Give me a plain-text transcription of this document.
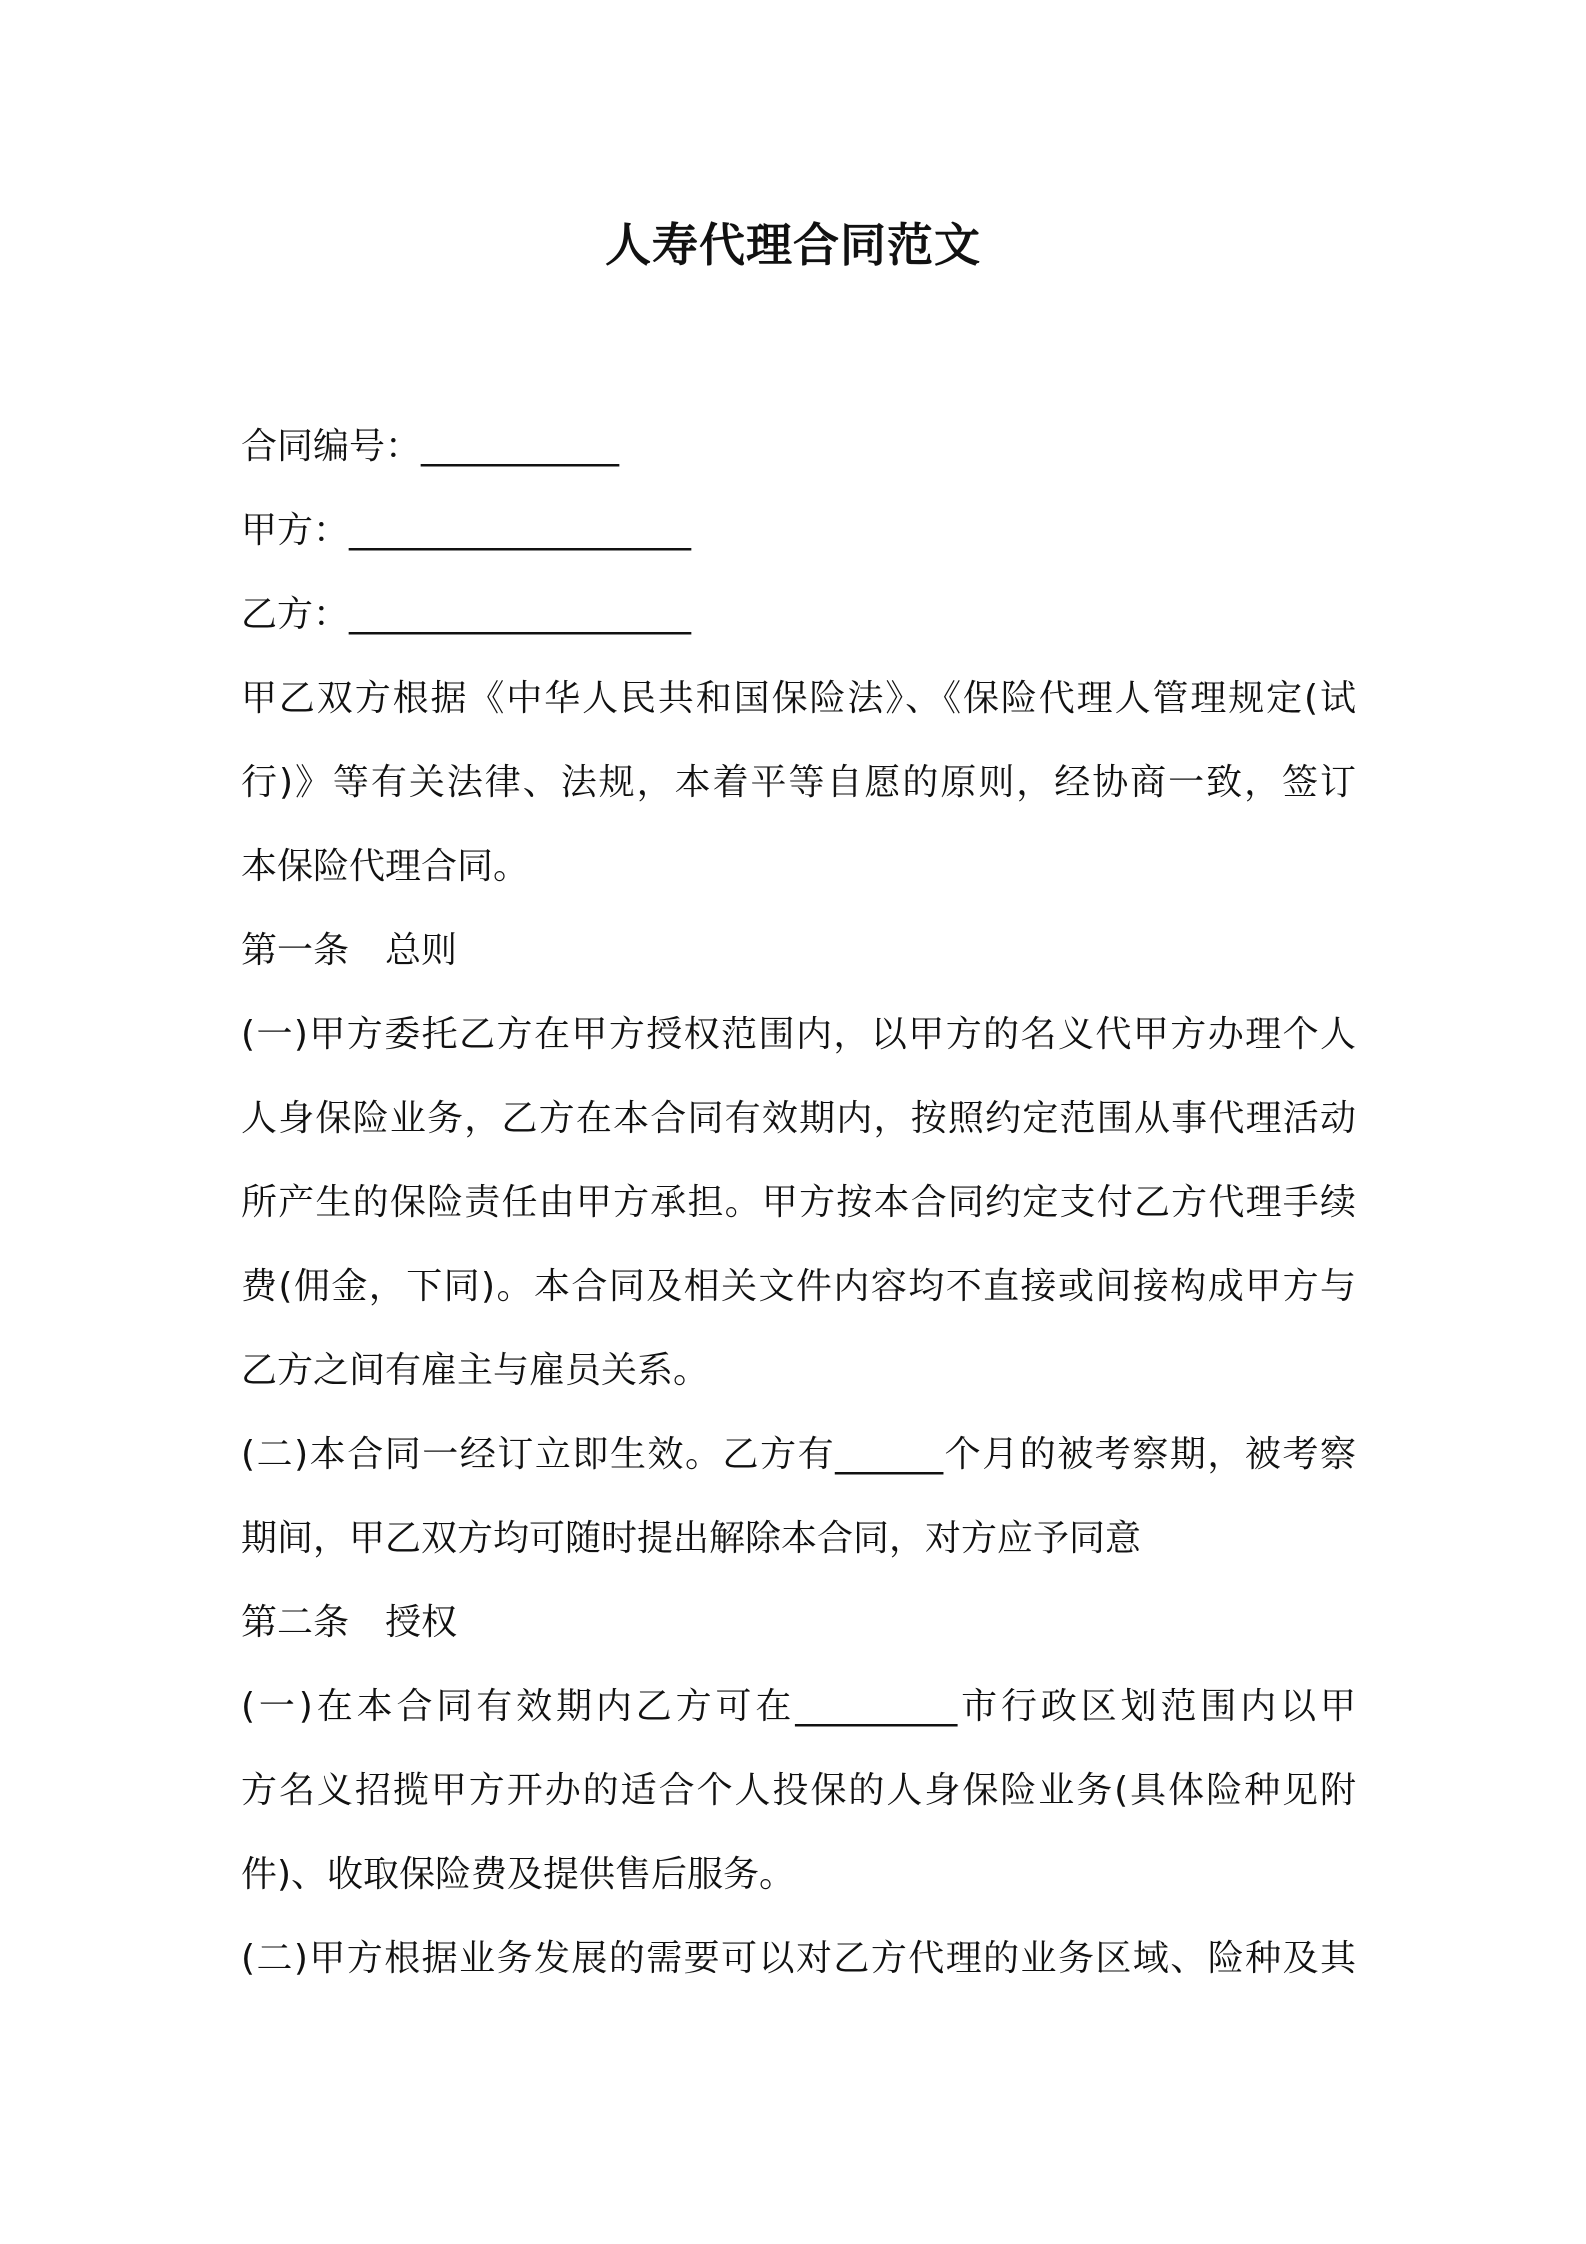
人寿代理合同范文
合同编号：___________
甲方：___________________
乙方：___________________
甲乙双方根据《中华人民共和国保险法》、《保险代理人管理规定(试
行)》等有关法律、法规，本着平等自愿的原则，经协商一致，签订
本保险代理合同。
第一条　总则
(一)甲方委托乙方在甲方授权范围内，以甲方的名义代甲方办理个人
人身保险业务，乙方在本合同有效期内，按照约定范围从事代理活动
所产生的保险责任由甲方承担。甲方按本合同约定支付乙方代理手续
费(佣金，下同)。本合同及相关文件内容均不直接或间接构成甲方与
乙方之间有雇主与雇员关系。
(二)本合同一经订立即生效。乙方有______个月的被考察期，被考察
期间，甲乙双方均可随时提出解除本合同，对方应予同意
第二条　授权
(一)在本合同有效期内乙方可在_________市行政区划范围内以甲
方名义招揽甲方开办的适合个人投保的人身保险业务(具体险种见附
件)、收取保险费及提供售后服务。
(二)甲方根据业务发展的需要可以对乙方代理的业务区域、险种及其
